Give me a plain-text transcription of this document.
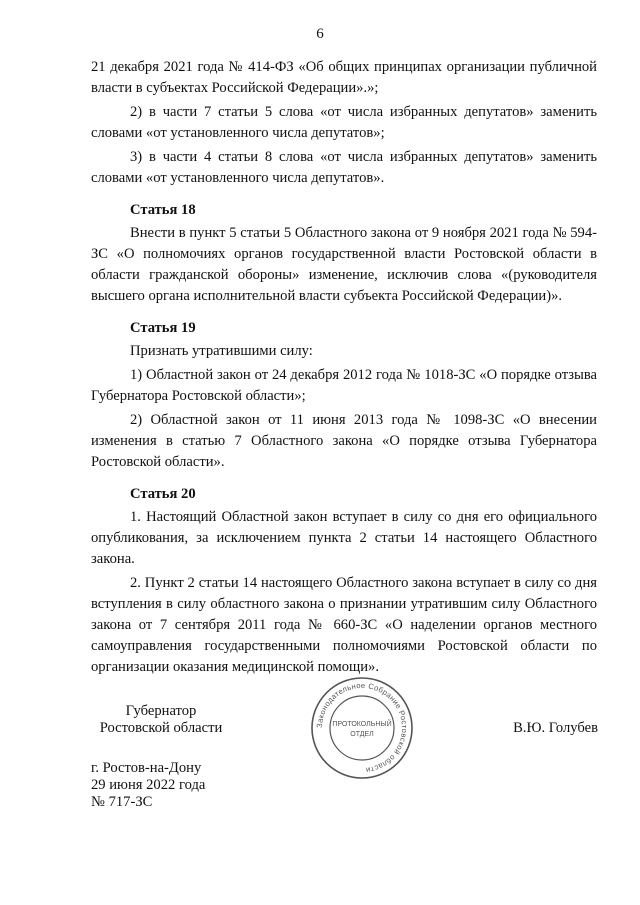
6

21 декабря 2021 года № 414-ФЗ «Об общих принципах организации публичной власти в субъектах Российской Федерации».»;

2) в части 7 статьи 5 слова «от числа избранных депутатов» заменить словами «от установленного числа депутатов»;

3) в части 4 статьи 8 слова «от числа избранных депутатов» заменить словами «от установленного числа депутатов».

Статья 18

Внести в пункт 5 статьи 5 Областного закона от 9 ноября 2021 года № 594-ЗС «О полномочиях органов государственной власти Ростовской области в области гражданской обороны» изменение, исключив слова «(руководителя высшего органа исполнительной власти субъекта Российской Федерации)».

Статья 19

Признать утратившими силу:

1) Областной закон от 24 декабря 2012 года № 1018-ЗС «О порядке отзыва Губернатора Ростовской области»;

2) Областной закон от 11 июня 2013 года № 1098-ЗС «О внесении изменения в статью 7 Областного закона «О порядке отзыва Губернатора Ростовской области».

Статья 20

1. Настоящий Областной закон вступает в силу со дня его официального опубликования, за исключением пункта 2 статьи 14 настоящего Областного закона.

2. Пункт 2 статьи 14 настоящего Областного закона вступает в силу со дня вступления в силу областного закона о признании утратившим силу Областного закона от 7 сентября 2011 года № 660-ЗС «О наделении органов местного самоуправления государственными полномочиями Ростовской области по организации оказания медицинской помощи».

Губернатор
Ростовской области	Законодательное Собрание Ростовской области
ПРОТОКОЛЬНЫЙ
ОТДЕЛ	В.Ю. Голубев
г. Ростов-на-Дону
29 июня 2022 года
№ 717-ЗС
